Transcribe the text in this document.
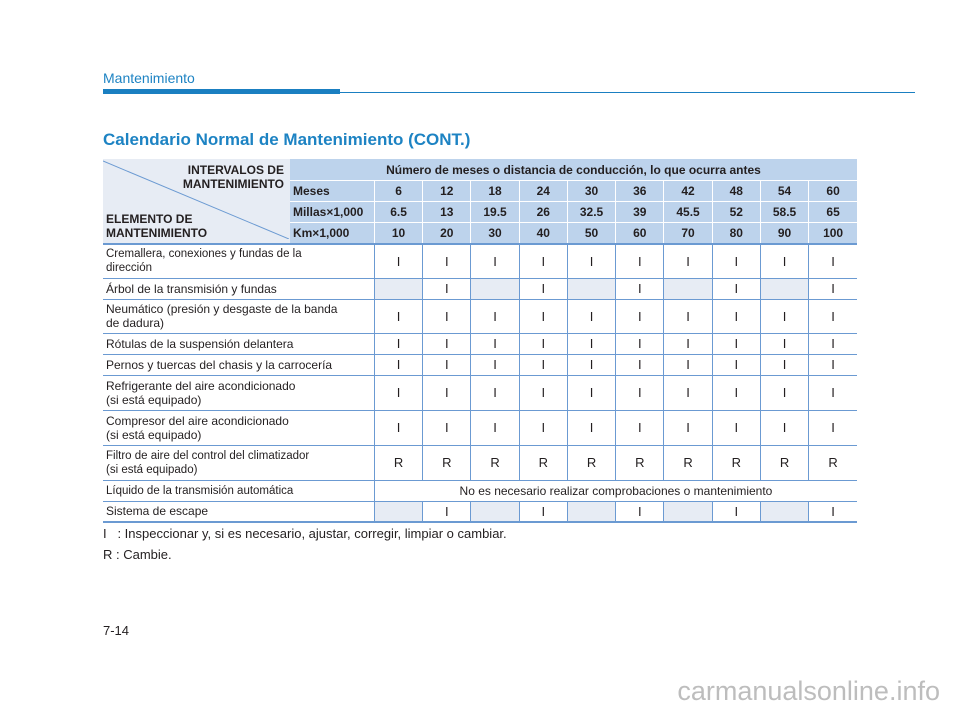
Mantenimiento
Calendario Normal de Mantenimiento (CONT.)
INTERVALOS DE
MANTENIMIENTO
ELEMENTO DE
MANTENIMIENTO	Número de meses o distancia de conducción, lo que ocurra antes										
	Meses	6	12	18	24	30	36	42	48	54	60
	Millas×1,000	6.5	13	19.5	26	32.5	39	45.5	52	58.5	65
	Km×1,000	10	20	30	40	50	60	70	80	90	100
Cremallera, conexiones y fundas de la
dirección		I	I	I	I	I	I	I	I	I	I
Árbol de la transmisión y fundas			I		I		I		I		I
Neumático (presión y desgaste de la banda
de dadura)		I	I	I	I	I	I	I	I	I	I
Rótulas de la suspensión delantera		I	I	I	I	I	I	I	I	I	I
Pernos y tuercas del chasis y la carrocería		I	I	I	I	I	I	I	I	I	I
Refrigerante del aire acondicionado
(si está equipado)		I	I	I	I	I	I	I	I	I	I
Compresor del aire acondicionado
(si está equipado)		I	I	I	I	I	I	I	I	I	I
Filtro de aire del control del climatizador
(si está equipado)		R	R	R	R	R	R	R	R	R	R
Líquido de la transmisión automática		No es necesario realizar comprobaciones o mantenimiento									
Sistema de escape			I		I		I		I		I
I   : Inspeccionar y, si es necesario, ajustar, corregir, limpiar o cambiar.
R : Cambie.
7-14
carmanualsonline.info
